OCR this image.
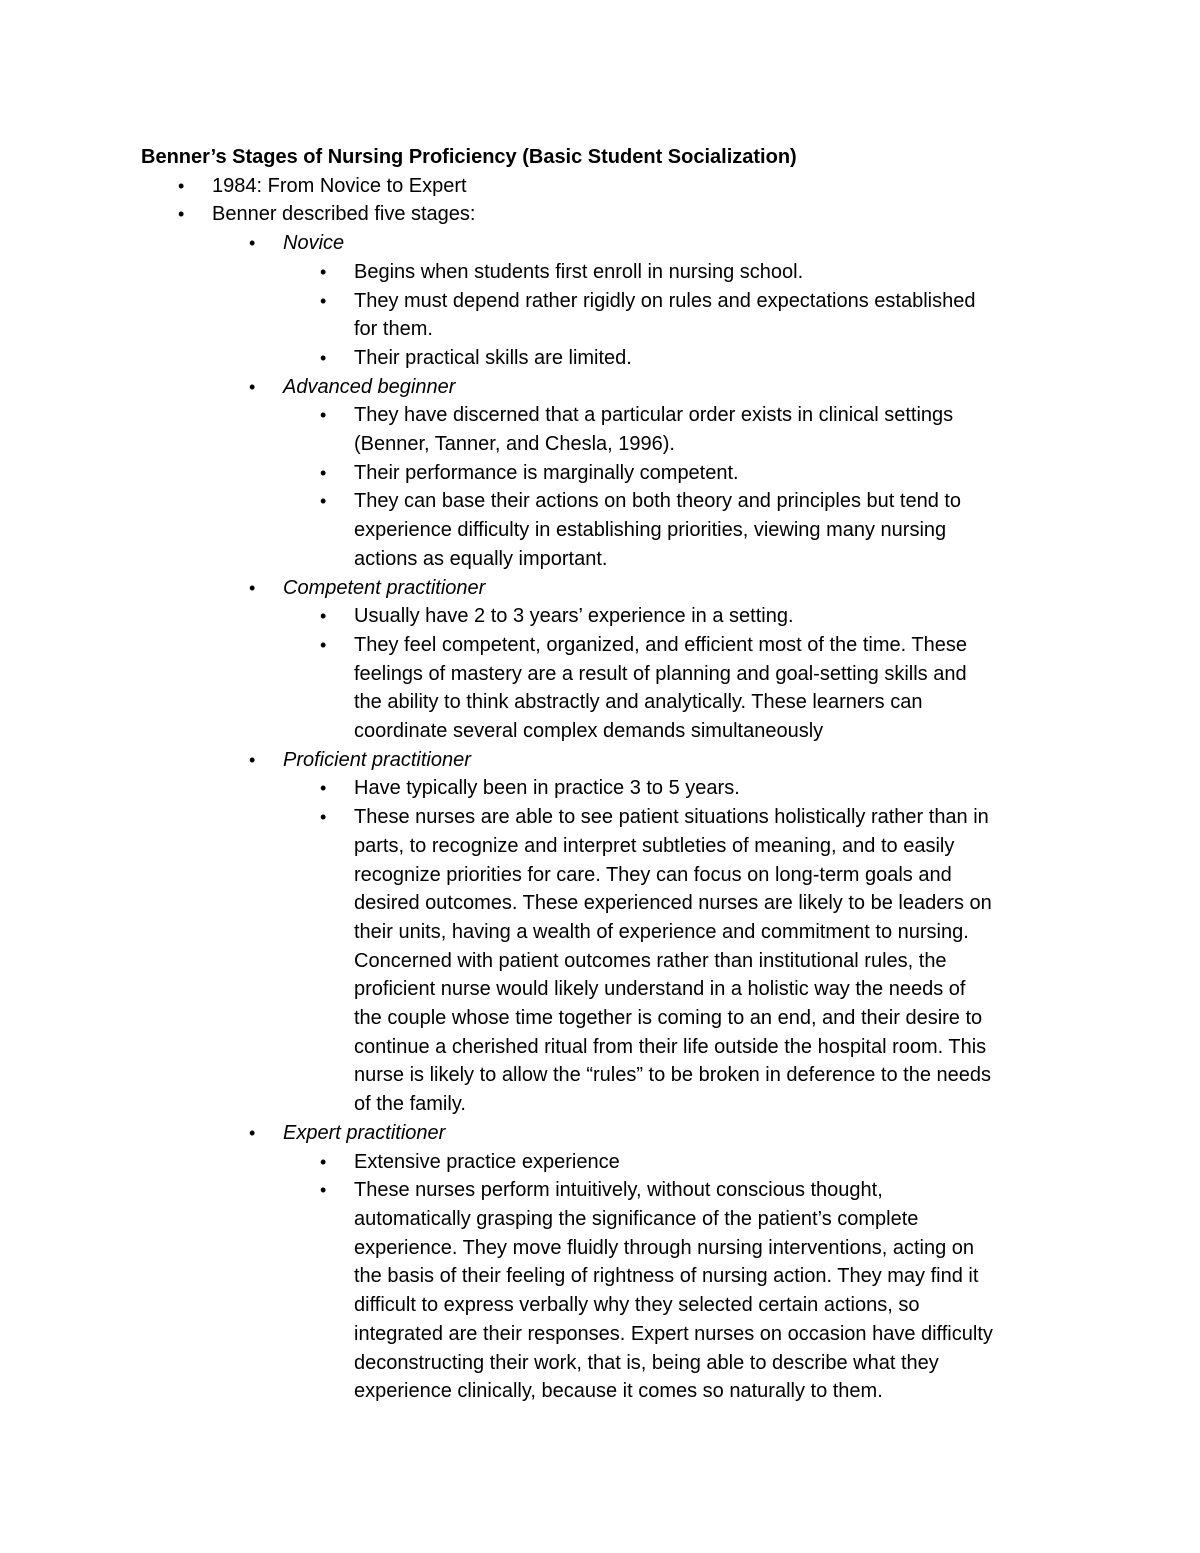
Benner’s Stages of Nursing Proficiency (Basic Student Socialization)
• 1984: From Novice to Expert
• Benner described five stages:
• Novice
• Begins when students first enroll in nursing school.
• They must depend rather rigidly on rules and expectations established for them.
• Their practical skills are limited.
• Advanced beginner
• They have discerned that a particular order exists in clinical settings (Benner, Tanner, and Chesla, 1996).
• Their performance is marginally competent.
• They can base their actions on both theory and principles but tend to experience difficulty in establishing priorities, viewing many nursing actions as equally important.
• Competent practitioner
• Usually have 2 to 3 years’ experience in a setting.
• They feel competent, organized, and efficient most of the time. These feelings of mastery are a result of planning and goal-setting skills and the ability to think abstractly and analytically. These learners can coordinate several complex demands simultaneously
• Proficient practitioner
• Have typically been in practice 3 to 5 years.
• These nurses are able to see patient situations holistically rather than in parts, to recognize and interpret subtleties of meaning, and to easily recognize priorities for care. They can focus on long-term goals and desired outcomes. These experienced nurses are likely to be leaders on their units, having a wealth of experience and commitment to nursing. Concerned with patient outcomes rather than institutional rules, the proficient nurse would likely understand in a holistic way the needs of the couple whose time together is coming to an end, and their desire to continue a cherished ritual from their life outside the hospital room. This nurse is likely to allow the “rules” to be broken in deference to the needs of the family.
• Expert practitioner
• Extensive practice experience
• These nurses perform intuitively, without conscious thought, automatically grasping the significance of the patient’s complete experience. They move fluidly through nursing interventions, acting on the basis of their feeling of rightness of nursing action. They may find it difficult to express verbally why they selected certain actions, so integrated are their responses. Expert nurses on occasion have difficulty deconstructing their work, that is, being able to describe what they experience clinically, because it comes so naturally to them.
